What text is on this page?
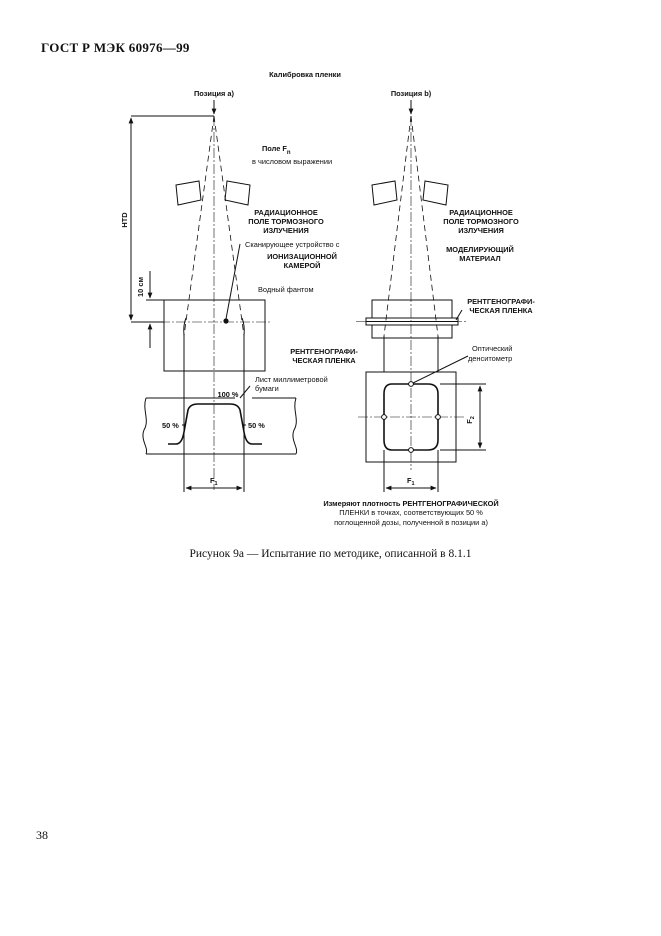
ГОСТ Р МЭК 60976—99
Калибровка пленки
Позиция a)
Поле $F_n$
в числовом выражении
НТD
10 см
РАДИАЦИОННОЕ
ПОЛЕ ТОРМОЗНОГО
ИЗЛУЧЕНИЯ
Сканирующее устройство с
ИОНИЗАЦИОННОЙ
КАМЕРОЙ
Водный фантом
РЕНТГЕНОГРАФИ-
ЧЕСКАЯ ПЛЕНКА
Лист миллиметровой
бумаги
100 %
50 %	50 %
$F_1$
Позиция b)
РАДИАЦИОННОЕ
ПОЛЕ ТОРМОЗНОГО
ИЗЛУЧЕНИЯ
МОДЕЛИРУЮЩИЙ
МАТЕРИАЛ
РЕНТГЕНОГРАФИ-
ЧЕСКАЯ ПЛЕНКА
Оптический
денситометр
$F_2$
$F_1$
Измеряют плотность РЕНТГЕНОГРАФИЧЕСКОЙ
ПЛЕНКИ в точках, соответствующих 50 %
поглощенной дозы, полученной в позиции а)
Рисунок 9а — Испытание по методике, описанной в 8.1.1
38
